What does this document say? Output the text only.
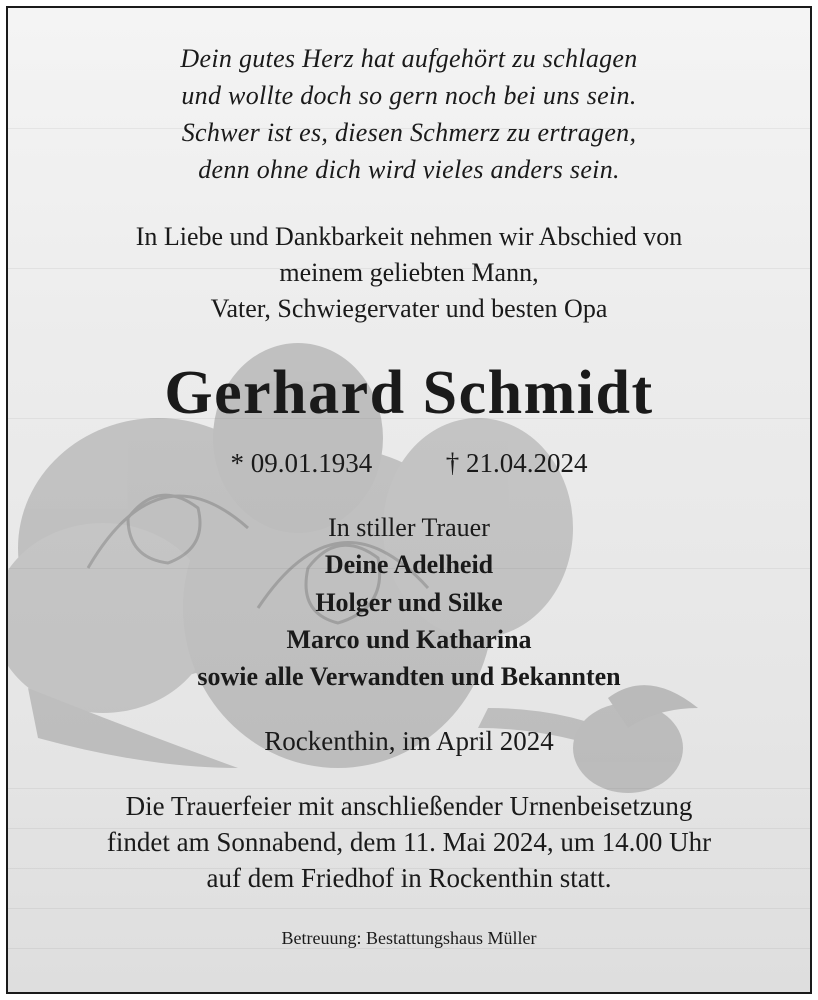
Dein gutes Herz hat aufgehört zu schlagen
und wollte doch so gern noch bei uns sein.
Schwer ist es, diesen Schmerz zu ertragen,
denn ohne dich wird vieles anders sein.
In Liebe und Dankbarkeit nehmen wir Abschied von
meinem geliebten Mann,
Vater, Schwiegervater und besten Opa
Gerhard Schmidt
* 09.01.1934	† 21.04.2024
In stiller Trauer
Deine Adelheid
Holger und Silke
Marco und Katharina
sowie alle Verwandten und Bekannten
Rockenthin, im April 2024
Die Trauerfeier mit anschließender Urnenbeisetzung
findet am Sonnabend, dem 11. Mai 2024, um 14.00 Uhr
auf dem Friedhof in Rockenthin statt.
Betreuung: Bestattungshaus Müller
